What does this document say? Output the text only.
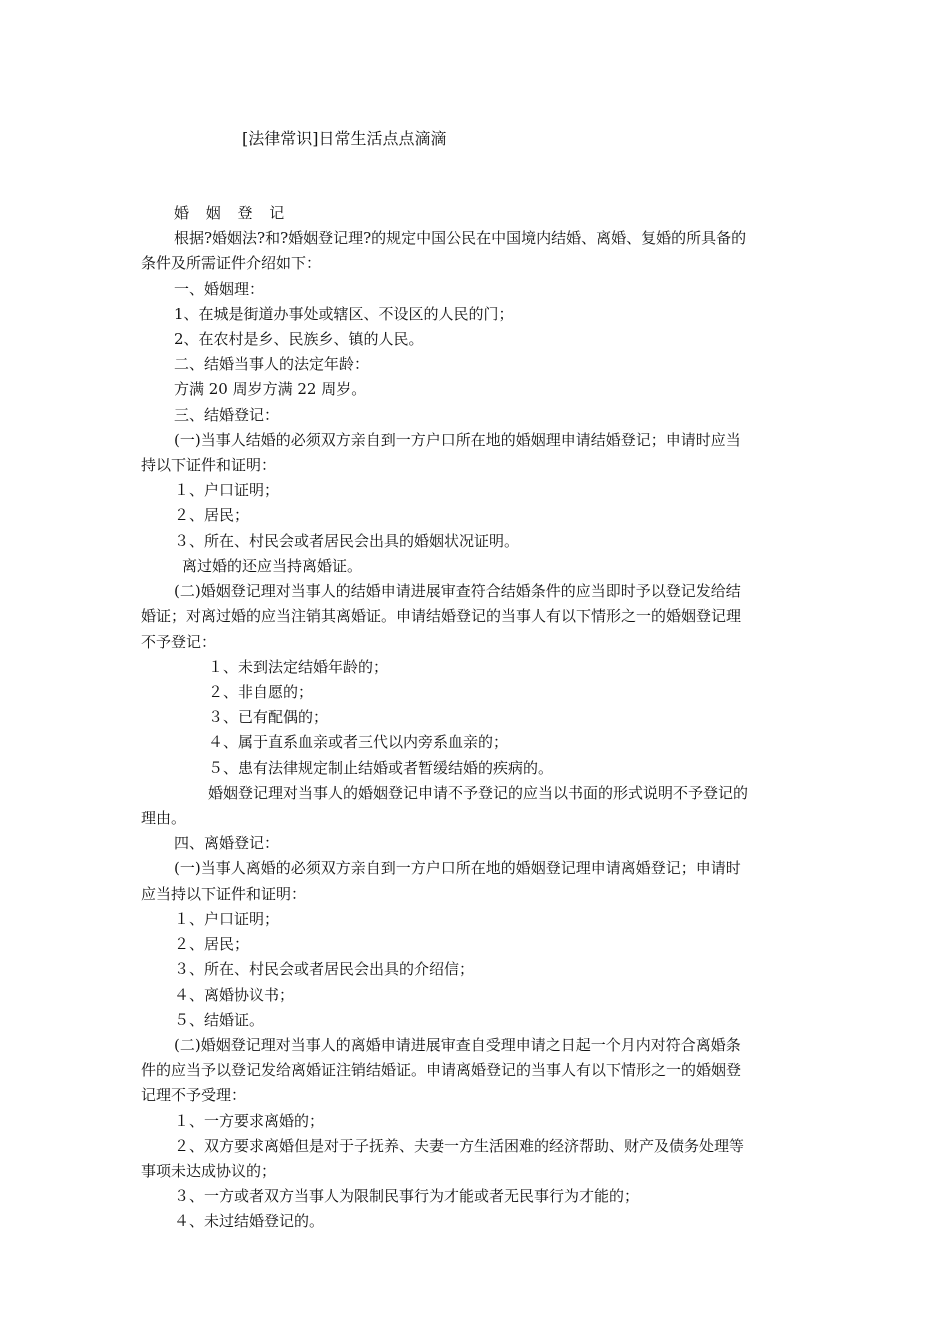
[法律常识]日常生活点点滴滴
婚 姻 登 记
根据?婚姻法?和?婚姻登记理?的规定中国公民在中国境内结婚、离婚、复婚的所具备的
条件及所需证件介绍如下：
一、婚姻理：
1、在城是街道办事处或辖区、不设区的人民的门；
2、在农村是乡、民族乡、镇的人民。
二、结婚当事人的法定年龄：
方满 20 周岁方满 22 周岁。
三、结婚登记：
(一)当事人结婚的必须双方亲自到一方户口所在地的婚姻理申请结婚登记；申请时应当
持以下证件和证明：
１、户口证明；
２、居民；
３、所在、村民会或者居民会出具的婚姻状况证明。
离过婚的还应当持离婚证。
(二)婚姻登记理对当事人的结婚申请进展审查符合结婚条件的应当即时予以登记发给结
婚证；对离过婚的应当注销其离婚证。申请结婚登记的当事人有以下情形之一的婚姻登记理
不予登记：
１、未到法定结婚年龄的；
２、非自愿的；
３、已有配偶的；
４、属于直系血亲或者三代以内旁系血亲的；
５、患有法律规定制止结婚或者暂缓结婚的疾病的。
婚姻登记理对当事人的婚姻登记申请不予登记的应当以书面的形式说明不予登记的
理由。
四、离婚登记：
(一)当事人离婚的必须双方亲自到一方户口所在地的婚姻登记理申请离婚登记；申请时
应当持以下证件和证明：
１、户口证明；
２、居民；
３、所在、村民会或者居民会出具的介绍信；
４、离婚协议书；
５、结婚证。
(二)婚姻登记理对当事人的离婚申请进展审查自受理申请之日起一个月内对符合离婚条
件的应当予以登记发给离婚证注销结婚证。申请离婚登记的当事人有以下情形之一的婚姻登
记理不予受理：
１、一方要求离婚的；
２、双方要求离婚但是对于子抚养、夫妻一方生活困难的经济帮助、财产及债务处理等
事项未达成协议的；
３、一方或者双方当事人为限制民事行为才能或者无民事行为才能的；
４、未过结婚登记的。
